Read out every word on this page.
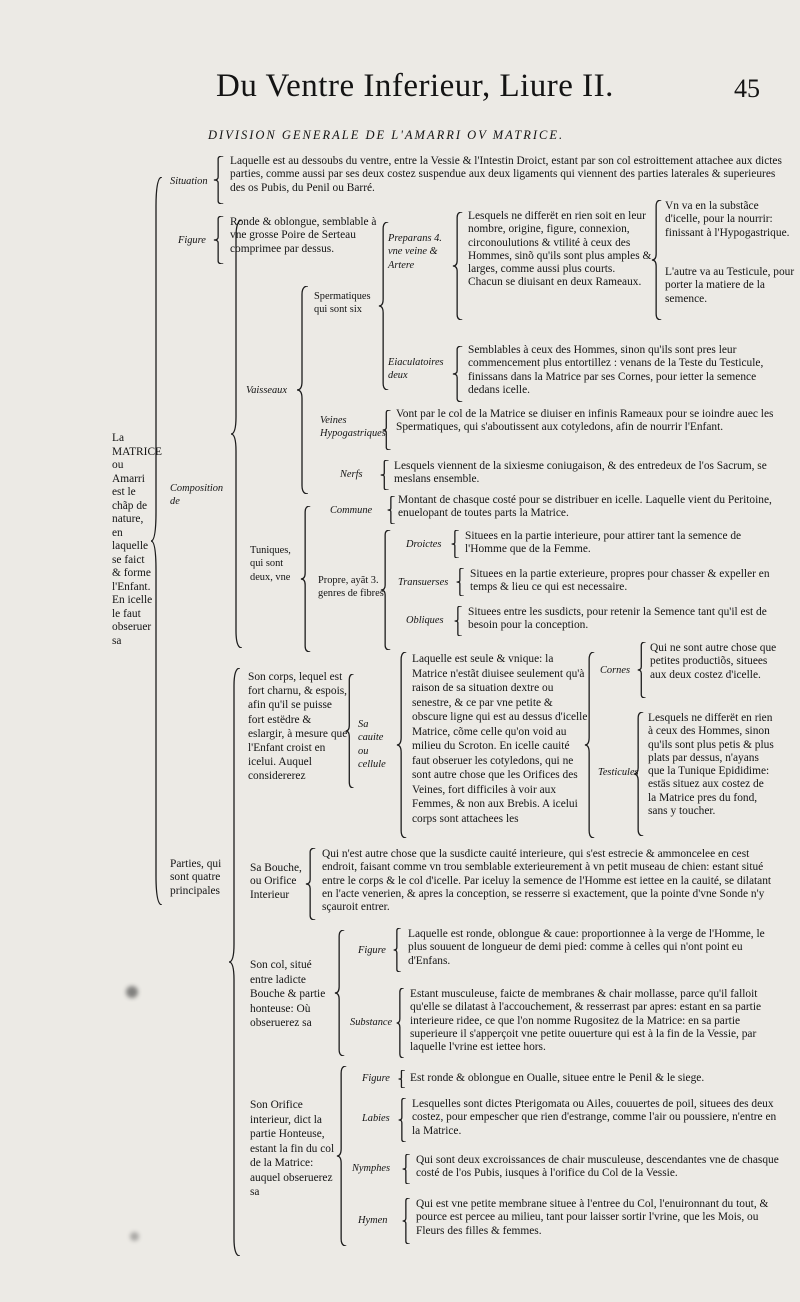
Du Ventre Inferieur, Liure II.	45
DIVISION GENERALE DE L'AMARRI OV MATRICE.
La MATRICE ou Amarri est le chãp de nature, en laquelle se faict & forme l'Enfant. En icelle le faut obseruer sa
Situation
Laquelle est au dessoubs du ventre, entre la Vessie & l'Intestin Droict, estant par son col estroittement attachee aux dictes parties, comme aussi par ses deux costez suspendue aux deux ligaments qui viennent des parties laterales & superieures des os Pubis, du Penil ou Barré.
Composition de
Figure
Ronde & oblongue, semblable à vne grosse Poire de Serteau comprimee par dessus.
Vaisseaux
Spermatiques qui sont six
Preparans 4. vne veine & Artere
Lesquels ne differët en rien soit en leur nombre, origine, figure, connexion, circonoulutions & vtilité à ceux des Hommes, sinõ qu'ils sont plus amples & larges, comme aussi plus courts. Chacun se diuisant en deux Rameaux.
Vn va en la substãce d'icelle, pour la nourrir: finissant à l'Hypogastrique.
L'autre va au Testicule, pour porter la matiere de la semence.
Eiaculatoires deux
Semblables à ceux des Hommes, sinon qu'ils sont pres leur commencement plus entortillez : venans de la Teste du Testicule, finissans dans la Matrice par ses Cornes, pour ietter la semence dedans icelle.
Veines Hypogastriques
Vont par le col de la Matrice se diuiser en infinis Rameaux pour se ioindre auec les Spermatiques, qui s'aboutissent aux cotyledons, afin de nourrir l'Enfant.
Nerfs
Lesquels viennent de la sixiesme coniugaison, & des entredeux de l'os Sacrum, se meslans ensemble.
Tuniques, qui sont deux, vne
Commune
Montant de chasque costé pour se distribuer en icelle. Laquelle vient du Peritoine, enuelopant de toutes parts la Matrice.
Propre, ayãt 3. genres de fibres
Droictes
Situees en la partie interieure, pour attirer tant la semence de l'Homme que de la Femme.
Transuerses
Situees en la partie exterieure, propres pour chasser & expeller en temps & lieu ce qui est necessaire.
Obliques
Situees entre les susdicts, pour retenir la Semence tant qu'il est de besoin pour la conception.
Parties, qui sont quatre principales
Son corps, lequel est fort charnu, & espois, afin qu'il se puisse fort estëdre & eslargir, à mesure que l'Enfant croist en icelui. Auquel considererez
Sa cauite ou cellule
Laquelle est seule & vnique: la Matrice n'estãt diuisee seulement qu'à raison de sa situation dextre ou senestre, & ce par vne petite & obscure ligne qui est au dessus d'icelle Matrice, cõme celle qu'on void au milieu du Scroton. En icelle cauité faut obseruer les cotyledons, qui ne sont autre chose que les Orifices des Veines, fort difficiles à voir aux Femmes, & non aux Brebis. A icelui corps sont attachees les
Cornes
Qui ne sont autre chose que petites productiõs, situees aux deux costez d'icelle.
Testicules
Lesquels ne differët en rien à ceux des Hommes, sinon qu'ils sont plus petis & plus plats par dessus, n'ayans que la Tunique Epididime: estäs situez aux costez de la Matrice pres du fond, sans y toucher.
Sa Bouche, ou Orifice Interieur
Qui n'est autre chose que la susdicte cauité interieure, qui s'est estrecie & ammoncelee en cest endroit, faisant comme vn trou semblable exterieurement à vn petit museau de chien: estant situé entre le corps & le col d'icelle. Par iceluy la semence de l'Homme est iettee en la cauité, se dilatant en l'acte venerien, & apres la conception, se resserre si exactement, que la pointe d'vne Sonde n'y sçauroit entrer.
Son col, situé entre ladicte Bouche & partie honteuse: Où obseruerez sa
Figure
Laquelle est ronde, oblongue & caue: proportionnee à la verge de l'Homme, le plus souuent de longueur de demi pied: comme à celles qui n'ont point eu d'Enfans.
Substance
Estant musculeuse, faicte de membranes & chair mollasse, parce qu'il falloit qu'elle se dilatast à l'accouchement, & resserrast par apres: estant en sa partie interieure ridee, ce que l'on nomme Rugositez de la Matrice: en sa partie superieure il s'apperçoit vne petite ouuerture qui est à la fin de la Vessie, par laquelle l'vrine est iettee hors.
Son Orifice interieur, dict la partie Honteuse, estant la fin du col de la Matrice: auquel obseruerez sa
Figure Est ronde & oblongue en Oualle, situee entre le Penil & le siege.
Labies
Lesquelles sont dictes Pterigomata ou Ailes, couuertes de poil, situees des deux costez, pour empescher que rien d'estrange, comme l'air ou poussiere, n'entre en la Matrice.
Nymphes
Qui sont deux excroissances de chair musculeuse, descendantes vne de chasque costé de l'os Pubis, iusques à l'orifice du Col de la Vessie.
Hymen
Qui est vne petite membrane situee à l'entree du Col, l'enuironnant du tout, & pource est percee au milieu, tant pour laisser sortir l'vrine, que les Mois, ou Fleurs des filles & femmes.
